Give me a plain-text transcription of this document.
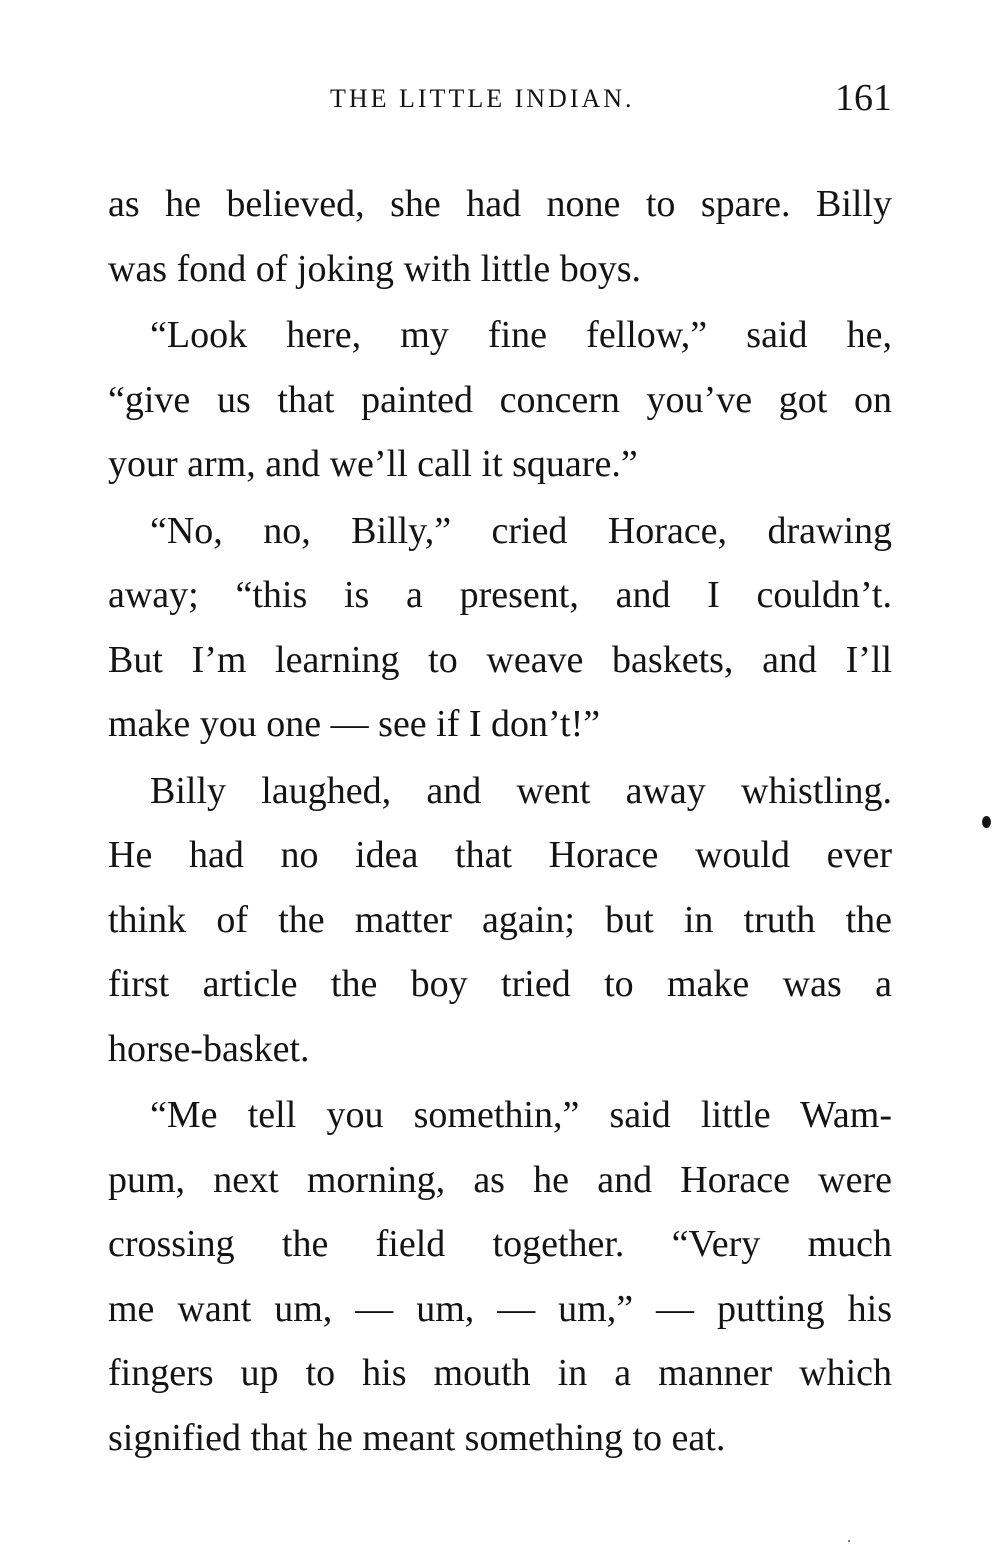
THE LITTLE INDIAN.	161
as he believed, she had none to spare. Billy
was fond of joking with little boys.
“Look here, my fine fellow,” said he,
“give us that painted concern you’ve got on
your arm, and we’ll call it square.”
“No, no, Billy,” cried Horace, drawing
away; “this is a present, and I couldn’t.
But I’m learning to weave baskets, and I’ll
make you one — see if I don’t!”
Billy laughed, and went away whistling.
He had no idea that Horace would ever
think of the matter again; but in truth the
first article the boy tried to make was a
horse-basket.
“Me tell you somethin,” said little Wam-
pum, next morning, as he and Horace were
crossing the field together. “Very much
me want um, — um, — um,” — putting his
fingers up to his mouth in a manner which
signified that he meant something to eat.
